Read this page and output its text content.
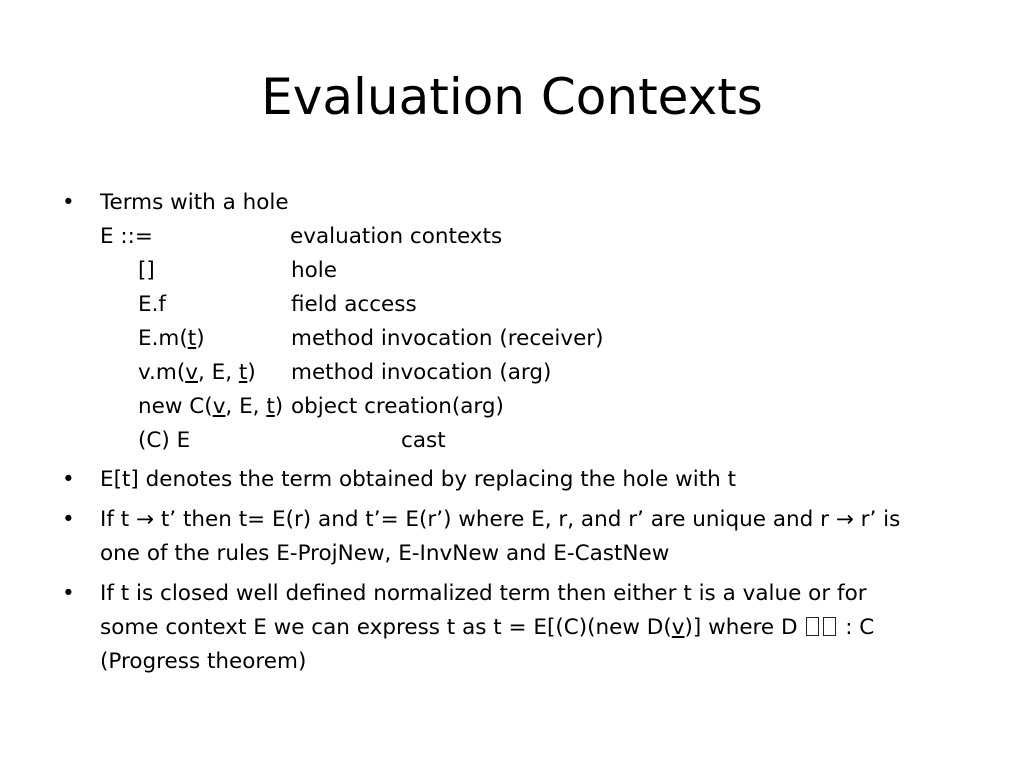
Evaluation Contexts
• Terms with a hole
E ::=	evaluation contexts
[]	hole
E.f	field access
E.m(t)	method invocation (receiver)
v.m(v, E, t)	method invocation (arg)
new C(v, E, t) object creation(arg)
(C) E	cast
• E[t] denotes the term obtained by replacing the hole with t
• If t → t’ then t= E(r) and t’= E(r’) where E, r, and r’ are unique and r → r’ is
one of the rules E-ProjNew, E-InvNew and E-CastNew
• If t is closed well defined normalized term then either t is a value or for
some context E we can express t as t = E[(C)(new D(v)] where D  : C
(Progress theorem)
